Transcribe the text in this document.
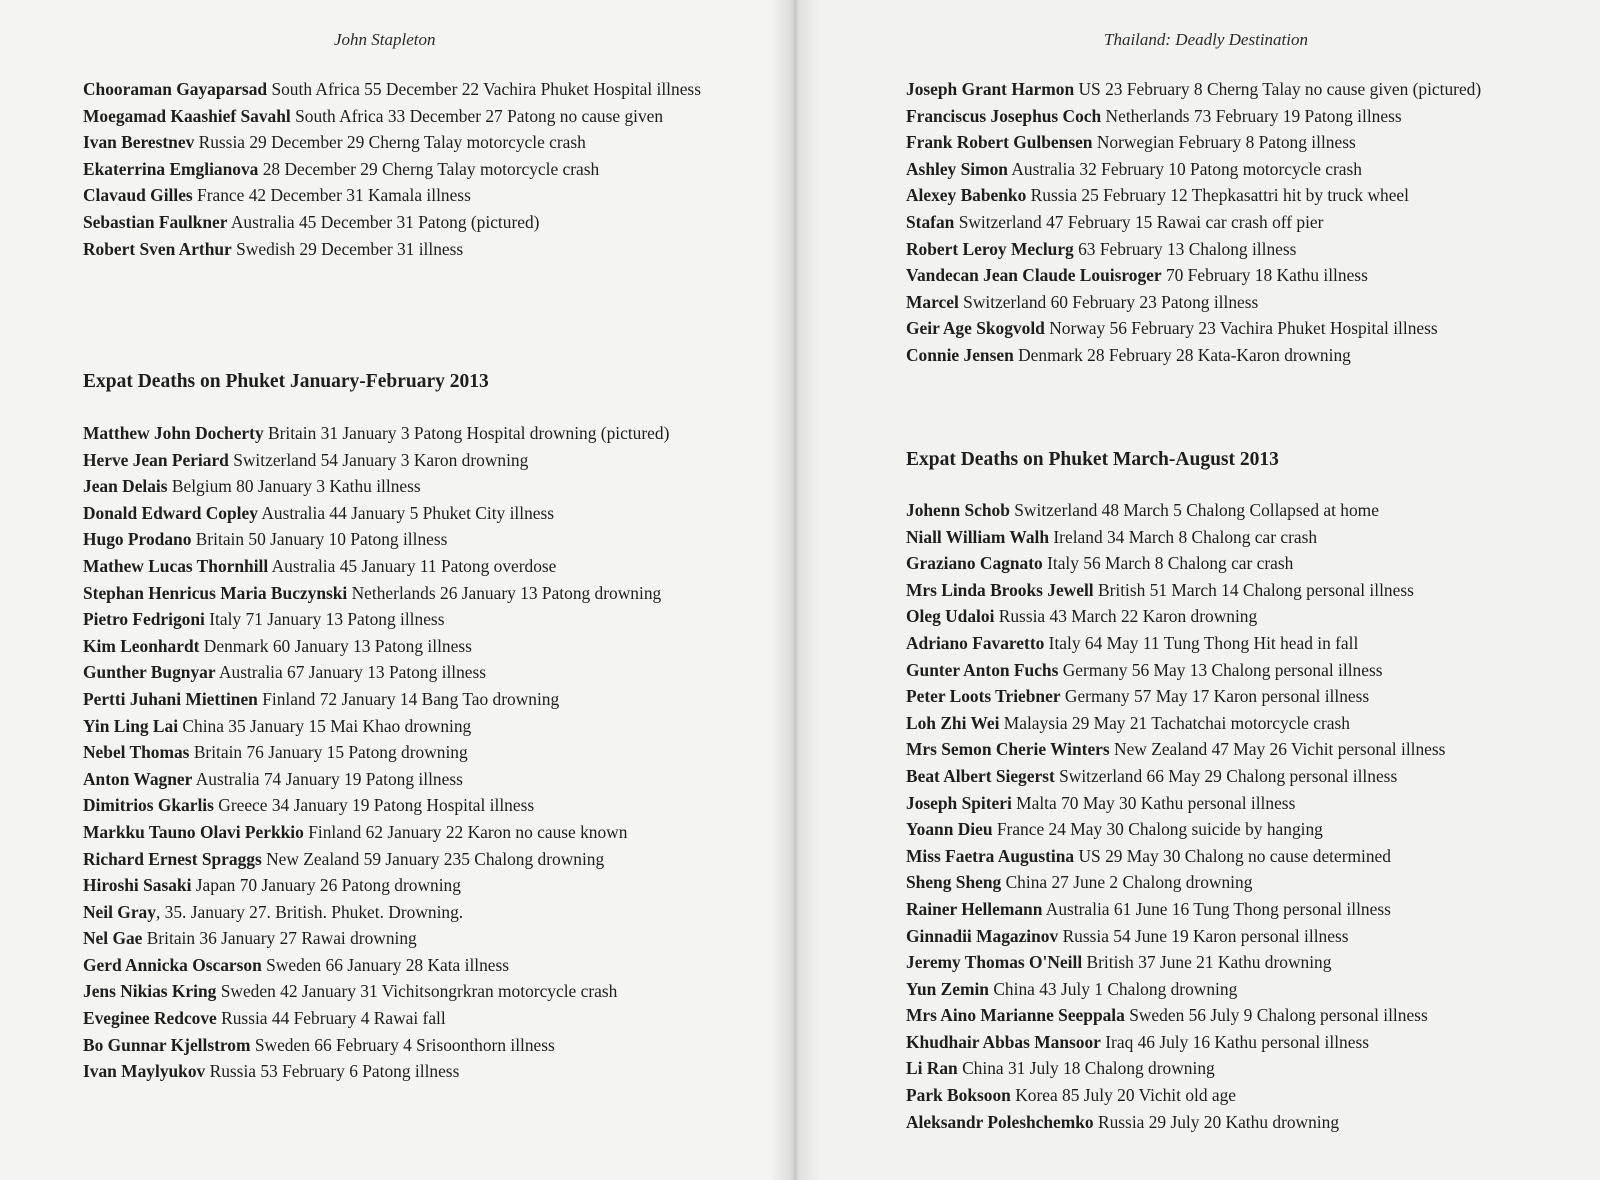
John Stapleton

Chooraman Gayaparsad South Africa 55 December 22 Vachira Phuket Hospital illness

Moegamad Kaashief Savahl South Africa 33 December 27 Patong no cause given

Ivan Berestnev Russia 29 December 29 Cherng Talay motorcycle crash

Ekaterrina Emglianova 28 December 29 Cherng Talay motorcycle crash

Clavaud Gilles France 42 December 31 Kamala illness

Sebastian Faulkner Australia 45 December 31 Patong (pictured)

Robert Sven Arthur Swedish 29 December 31 illness

Expat Deaths on Phuket January-February 2013

Matthew John Docherty Britain 31 January 3 Patong Hospital drowning (pictured)

Herve Jean Periard Switzerland 54 January 3 Karon drowning

Jean Delais Belgium 80 January 3 Kathu illness

Donald Edward Copley Australia 44 January 5 Phuket City illness

Hugo Prodano Britain 50 January 10 Patong illness

Mathew Lucas Thornhill Australia 45 January 11 Patong overdose

Stephan Henricus Maria Buczynski Netherlands 26 January 13 Patong drowning

Pietro Fedrigoni Italy 71 January 13 Patong illness

Kim Leonhardt Denmark 60 January 13 Patong illness

Gunther Bugnyar Australia 67 January 13 Patong illness

Pertti Juhani Miettinen Finland 72 January 14 Bang Tao drowning

Yin Ling Lai China 35 January 15 Mai Khao drowning

Nebel Thomas Britain 76 January 15 Patong drowning

Anton Wagner Australia 74 January 19 Patong illness

Dimitrios Gkarlis Greece 34 January 19 Patong Hospital illness

Markku Tauno Olavi Perkkio Finland 62 January 22 Karon no cause known

Richard Ernest Spraggs New Zealand 59 January 235 Chalong drowning

Hiroshi Sasaki Japan 70 January 26 Patong drowning

Neil Gray, 35. January 27. British. Phuket. Drowning.

Nel Gae Britain 36 January 27 Rawai drowning

Gerd Annicka Oscarson Sweden 66 January 28 Kata illness

Jens Nikias Kring Sweden 42 January 31 Vichitsongrkran motorcycle crash

Eveginee Redcove Russia 44 February 4 Rawai fall

Bo Gunnar Kjellstrom Sweden 66 February 4 Srisoonthorn illness

Ivan Maylyukov Russia 53 February 6 Patong illness

Thailand: Deadly Destination

Joseph Grant Harmon US 23 February 8 Cherng Talay no cause given (pictured)

Franciscus Josephus Coch Netherlands 73 February 19 Patong illness

Frank Robert Gulbensen Norwegian February 8 Patong illness

Ashley Simon Australia 32 February 10 Patong motorcycle crash

Alexey Babenko Russia 25 February 12 Thepkasattri hit by truck wheel

Stafan Switzerland 47 February 15 Rawai car crash off pier

Robert Leroy Meclurg 63 February 13 Chalong illness

Vandecan Jean Claude Louisroger 70 February 18 Kathu illness

Marcel Switzerland 60 February 23 Patong illness

Geir Age Skogvold Norway 56 February 23 Vachira Phuket Hospital illness

Connie Jensen Denmark 28 February 28 Kata-Karon drowning

Expat Deaths on Phuket March-August 2013

Johenn Schob Switzerland 48 March 5 Chalong Collapsed at home

Niall William Walh Ireland 34 March 8 Chalong car crash

Graziano Cagnato Italy 56 March 8 Chalong car crash

Mrs Linda Brooks Jewell British 51 March 14 Chalong personal illness

Oleg Udaloi Russia 43 March 22 Karon drowning

Adriano Favaretto Italy 64 May 11 Tung Thong Hit head in fall

Gunter Anton Fuchs Germany 56 May 13 Chalong personal illness

Peter Loots Triebner Germany 57 May 17 Karon personal illness

Loh Zhi Wei Malaysia 29 May 21 Tachatchai motorcycle crash

Mrs Semon Cherie Winters New Zealand 47 May 26 Vichit personal illness

Beat Albert Siegerst Switzerland 66 May 29 Chalong personal illness

Joseph Spiteri Malta 70 May 30 Kathu personal illness

Yoann Dieu France 24 May 30 Chalong suicide by hanging

Miss Faetra Augustina US 29 May 30 Chalong no cause determined

Sheng Sheng China 27 June 2 Chalong drowning

Rainer Hellemann Australia 61 June 16 Tung Thong personal illness

Ginnadii Magazinov Russia 54 June 19 Karon personal illness

Jeremy Thomas O'Neill British 37 June 21 Kathu drowning

Yun Zemin China 43 July 1 Chalong drowning

Mrs Aino Marianne Seeppala Sweden 56 July 9 Chalong personal illness

Khudhair Abbas Mansoor Iraq 46 July 16 Kathu personal illness

Li Ran China 31 July 18 Chalong drowning

Park Boksoon Korea 85 July 20 Vichit old age

Aleksandr Poleshchemko Russia 29 July 20 Kathu drowning
